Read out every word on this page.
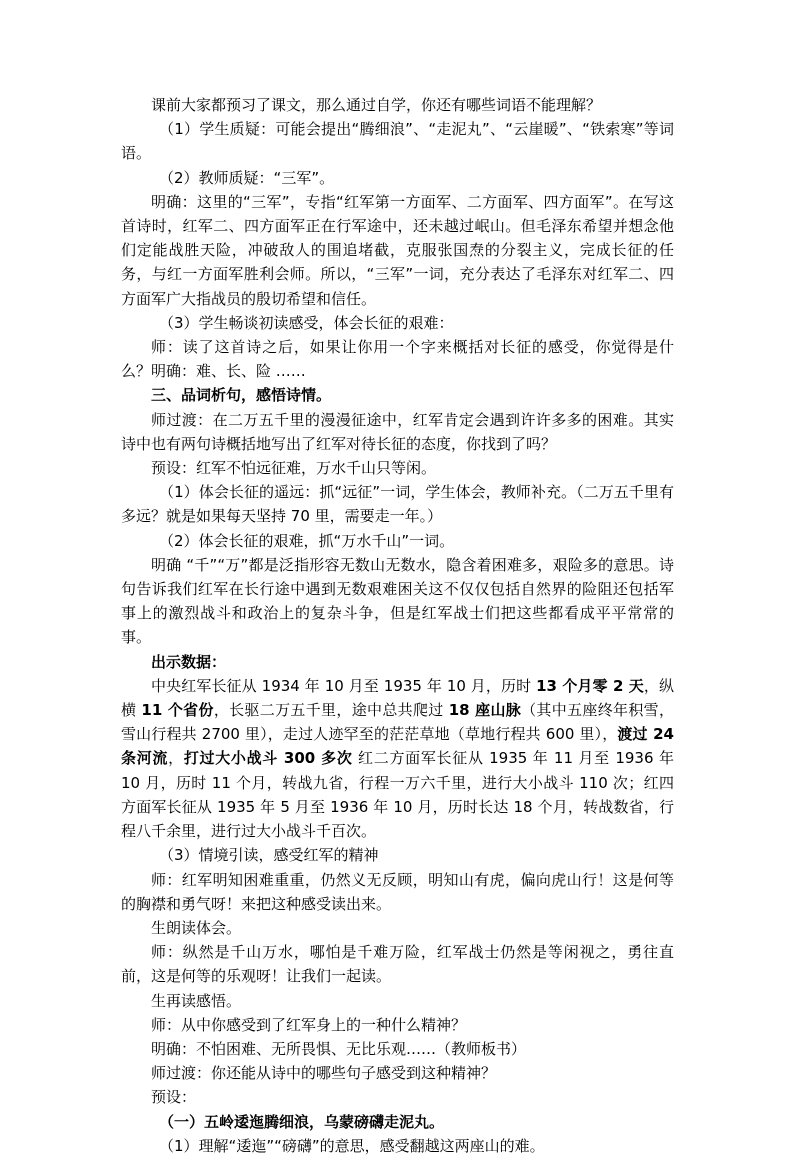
课前大家都预习了课文，那么通过自学，你还有哪些词语不能理解？

（1）学生质疑：可能会提出“腾细浪”、“走泥丸”、“云崖暖”、“铁索寒”等词语。

（2）教师质疑：“三军”。

明确：这里的“三军”，专指“红军第一方面军、二方面军、四方面军”。在写这首诗时，红军二、四方面军正在行军途中，还未越过岷山。但毛泽东希望并想念他们定能战胜天险，冲破敌人的围追堵截，克服张国焘的分裂主义，完成长征的任务，与红一方面军胜利会师。所以，“三军”一词，充分表达了毛泽东对红军二、四方面军广大指战员的殷切希望和信任。

（3）学生畅谈初读感受，体会长征的艰难：

师：读了这首诗之后，如果让你用一个字来概括对长征的感受，你觉得是什么？明确：难、长、险 ……

三、品词析句，感悟诗情。

师过渡：在二万五千里的漫漫征途中，红军肯定会遇到许许多多的困难。其实诗中也有两句诗概括地写出了红军对待长征的态度，你找到了吗？

预设：红军不怕远征难，万水千山只等闲。

（1）体会长征的遥远：抓“远征”一词，学生体会，教师补充。（二万五千里有多远？就是如果每天坚持 70 里，需要走一年。）

（2）体会长征的艰难，抓“万水千山”一词。

明确 “千”“万”都是泛指形容无数山无数水，隐含着困难多，艰险多的意思。诗句告诉我们红军在长行途中遇到无数艰难困关这不仅仅包括自然界的险阻还包括军事上的激烈战斗和政治上的复杂斗争，但是红军战士们把这些都看成平平常常的事。

出示数据：

中央红军长征从 1934 年 10 月至 1935 年 10 月，历时 13 个月零 2 天，纵横 11 个省份，长驱二万五千里，途中总共爬过 18 座山脉（其中五座终年积雪，雪山行程共 2700 里），走过人迹罕至的茫茫草地（草地行程共 600 里），渡过 24 条河流，打过大小战斗 300 多次 红二方面军长征从 1935 年 11 月至 1936 年 10 月，历时 11 个月，转战九省，行程一万六千里，进行大小战斗 110 次；红四方面军长征从 1935 年 5 月至 1936 年 10 月，历时长达 18 个月，转战数省，行程八千余里，进行过大小战斗千百次。

（3）情境引读，感受红军的精神

师：红军明知困难重重，仍然义无反顾，明知山有虎，偏向虎山行！这是何等的胸襟和勇气呀！来把这种感受读出来。

生朗读体会。

师：纵然是千山万水，哪怕是千难万险，红军战士仍然是等闲视之，勇往直前，这是何等的乐观呀！让我们一起读。

生再读感悟。

师：从中你感受到了红军身上的一种什么精神？

明确：不怕困难、无所畏惧、无比乐观……（教师板书）

师过渡：你还能从诗中的哪些句子感受到这种精神？

预设：

（一）五岭逶迤腾细浪，乌蒙磅礴走泥丸。

（1）理解“逶迤”“磅礴”的意思，感受翻越这两座山的难。
